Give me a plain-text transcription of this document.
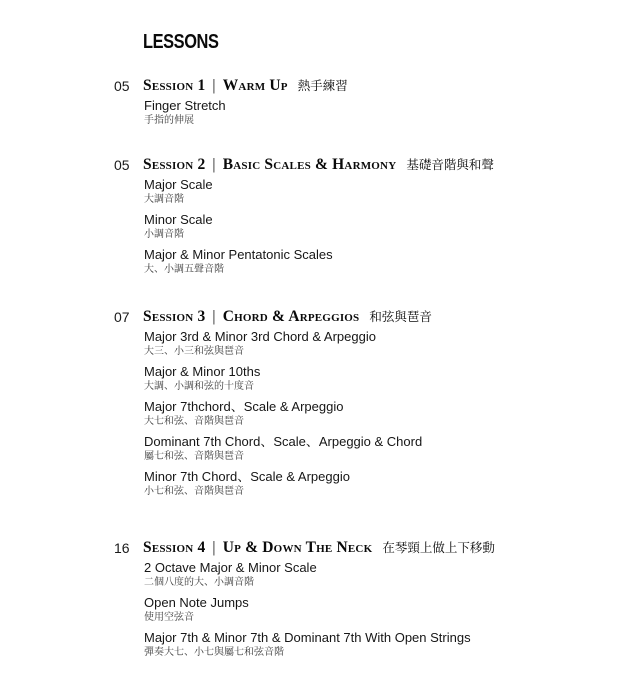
LESSONS
05 Session 1 | Warm Up 熱手練習
Finger Stretch
手指的伸展
05 Session 2 | Basic Scales & Harmony 基礎音階與和聲
Major Scale
大調音階
Minor Scale
小調音階
Major & Minor Pentatonic Scales
大、小調五聲音階
07 Session 3 | Chord & Arpeggios 和弦與琶音
Major 3rd & Minor 3rd Chord & Arpeggio
大三、小三和弦與琶音
Major & Minor 10ths
大調、小調和弦的十度音
Major 7thchord、Scale & Arpeggio
大七和弦、音階與琶音
Dominant 7th Chord、Scale、Arpeggio & Chord
屬七和弦、音階與琶音
Minor 7th Chord、Scale & Arpeggio
小七和弦、音階與琶音
16 Session 4 | Up & Down The Neck 在琴頸上做上下移動
2 Octave Major & Minor Scale
二個八度的大、小調音階
Open Note Jumps
使用空弦音
Major 7th & Minor 7th & Dominant 7th With Open Strings
彈奏大七、小七與屬七和弦音階
